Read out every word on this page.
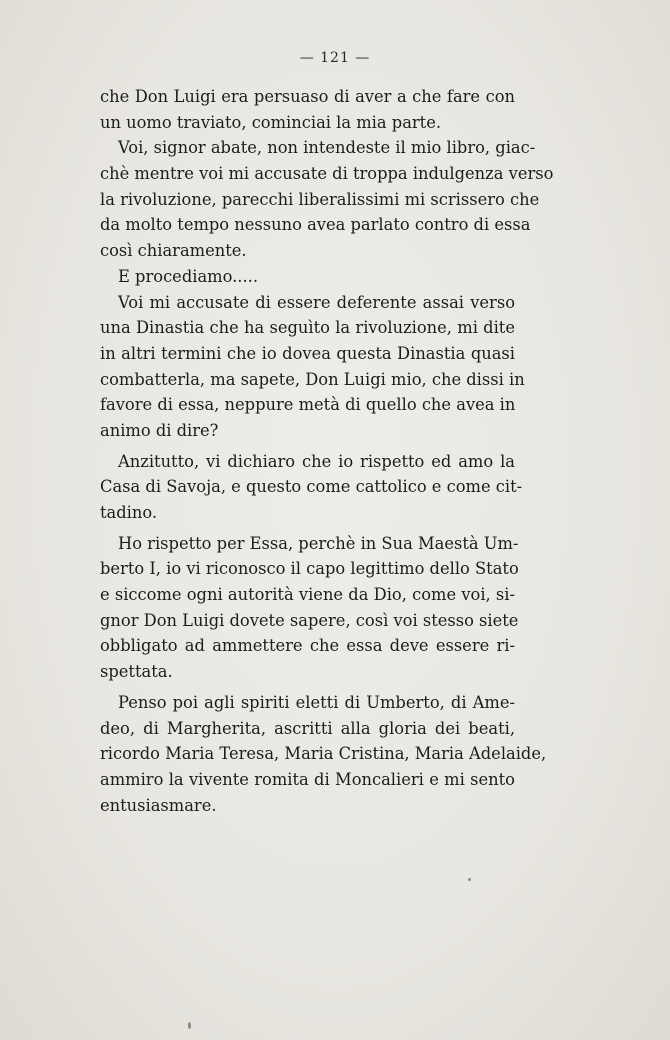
— 121 —
che Don Luigi era persuaso di aver a che fare con
un uomo traviato, cominciai la mia parte.
Voi, signor abate, non intendeste il mio libro, giac-
chè mentre voi mi accusate di troppa indulgenza verso
la rivoluzione, parecchi liberalissimi mi scrissero che
da molto tempo nessuno avea parlato contro di essa
così chiaramente.
E procediamo.....
Voi mi accusate di essere deferente assai verso
una Dinastia che ha seguìto la rivoluzione, mi dite
in altri termini che io dovea questa Dinastia quasi
combatterla, ma sapete, Don Luigi mio, che dissi in
favore di essa, neppure metà di quello che avea in
animo di dire?
Anzitutto, vi dichiaro che io rispetto ed amo la
Casa di Savoja, e questo come cattolico e come cit-
tadino.
Ho rispetto per Essa, perchè in Sua Maestà Um-
berto I, io vi riconosco il capo legittimo dello Stato
e siccome ogni autorità viene da Dio, come voi, si-
gnor Don Luigi dovete sapere, così voi stesso siete
obbligato ad ammettere che essa deve essere ri-
spettata.
Penso poi agli spiriti eletti di Umberto, di Ame-
deo, di Margherita, ascritti alla gloria dei beati,
ricordo Maria Teresa, Maria Cristina, Maria Adelaide,
ammiro la vivente romita di Moncalieri e mi sento
entusiasmare.
